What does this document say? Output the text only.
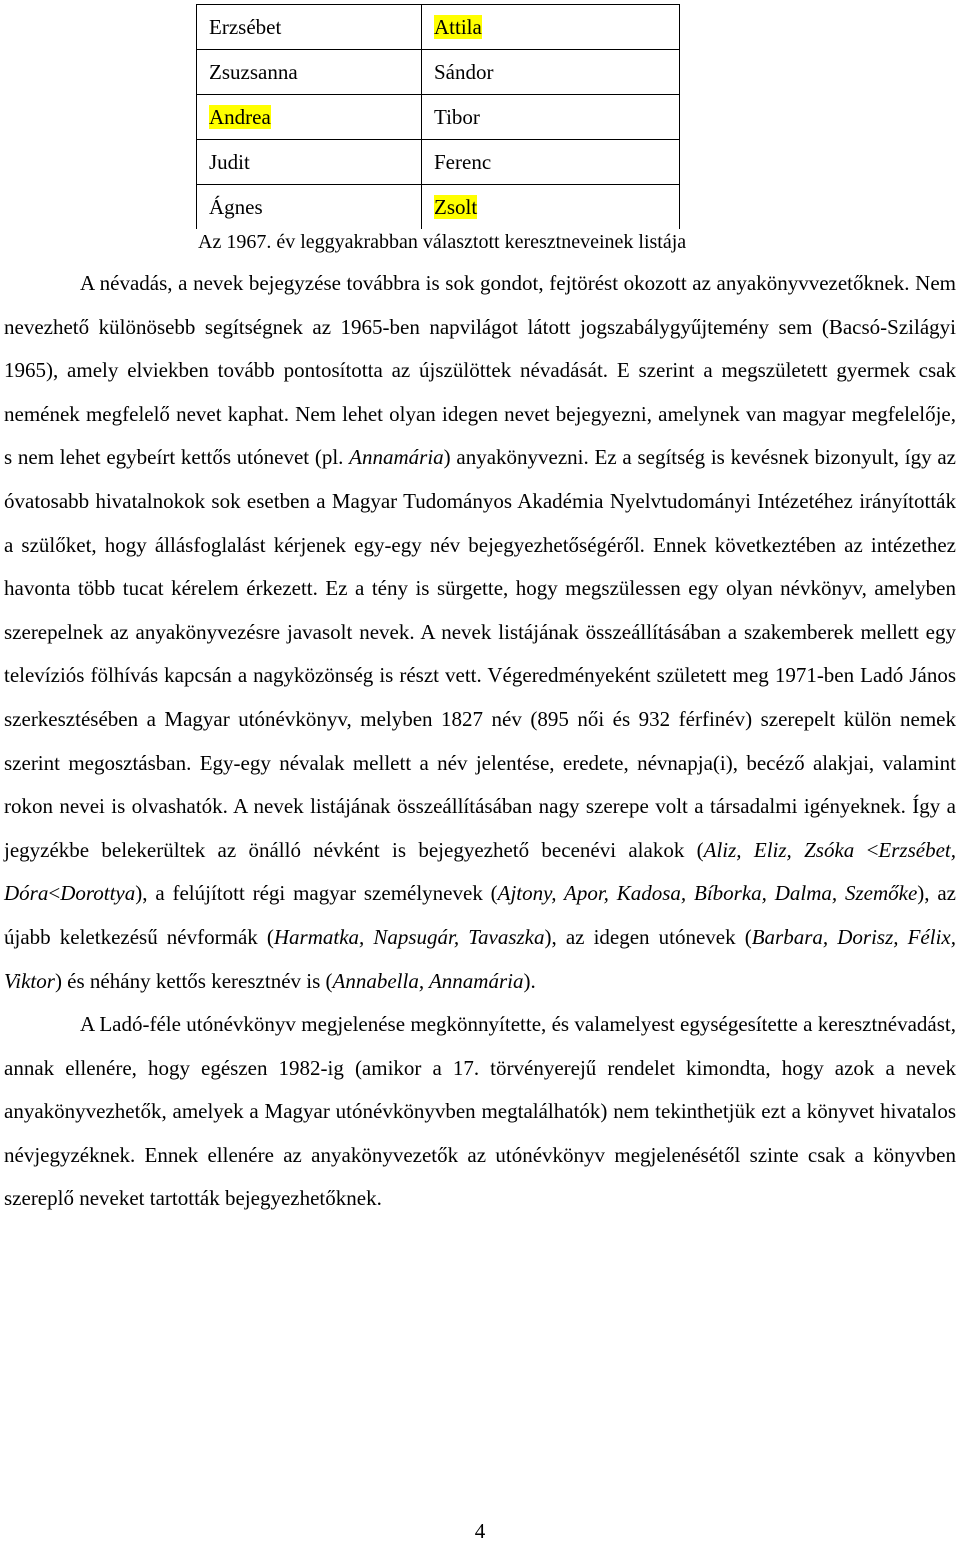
Erzsébet	Attila
Zsuzsanna	Sándor
Andrea	Tibor
Judit	Ferenc
Ágnes	Zsolt
Az 1967. év leggyakrabban választott keresztneveinek listája

A névadás, a nevek bejegyzése továbbra is sok gondot, fejtörést okozott az anyakönyvvezetőknek. Nem nevezhető különösebb segítségnek az 1965-ben napvilágot látott jogszabálygyűjtemény sem (Bacsó-Szilágyi 1965), amely elviekben tovább pontosította az újszülöttek névadását. E szerint a megszületett gyermek csak nemének megfelelő nevet kaphat. Nem lehet olyan idegen nevet bejegyezni, amelynek van magyar megfelelője, s nem lehet egybeírt kettős utónevet (pl. Annamária) anyakönyvezni. Ez a segítség is kevésnek bizonyult, így az óvatosabb hivatalnokok sok esetben a Magyar Tudományos Akadémia Nyelvtudományi Intézetéhez irányították a szülőket, hogy állásfoglalást kérjenek egy-egy név bejegyezhetőségéről. Ennek következtében az intézethez havonta több tucat kérelem érkezett. Ez a tény is sürgette, hogy megszülessen egy olyan névkönyv, amelyben szerepelnek az anyakönyvezésre javasolt nevek. A nevek listájának összeállításában a szakemberek mellett egy televíziós fölhívás kapcsán a nagyközönség is részt vett. Végeredményeként született meg 1971-ben Ladó János szerkesztésében a Magyar utónévkönyv, melyben 1827 név (895 női és 932 férfinév) szerepelt külön nemek szerint megosztásban. Egy-egy névalak mellett a név jelentése, eredete, névnapja(i), becéző alakjai, valamint rokon nevei is olvashatók. A nevek listájának összeállításában nagy szerepe volt a társadalmi igényeknek. Így a jegyzékbe belekerültek az önálló névként is bejegyezhető becenévi alakok (Aliz, Eliz, Zsóka <Erzsébet, Dóra<Dorottya), a felújított régi magyar személynevek (Ajtony, Apor, Kadosa, Bíborka, Dalma, Szemőke), az újabb keletkezésű névformák (Harmatka, Napsugár, Tavaszka), az idegen utónevek (Barbara, Dorisz, Félix, Viktor) és néhány kettős keresztnév is (Annabella, Annamária).

A Ladó-féle utónévkönyv megjelenése megkönnyítette, és valamelyest egységesítette a keresztnévadást, annak ellenére, hogy egészen 1982-ig (amikor a 17. törvényerejű rendelet kimondta, hogy azok a nevek anyakönyvezhetők, amelyek a Magyar utónévkönyvben megtalálhatók) nem tekinthetjük ezt a könyvet hivatalos névjegyzéknek. Ennek ellenére az anyakönyvezetők az utónévkönyv megjelenésétől szinte csak a könyvben szereplő neveket tartották bejegyezhetőknek.

4
